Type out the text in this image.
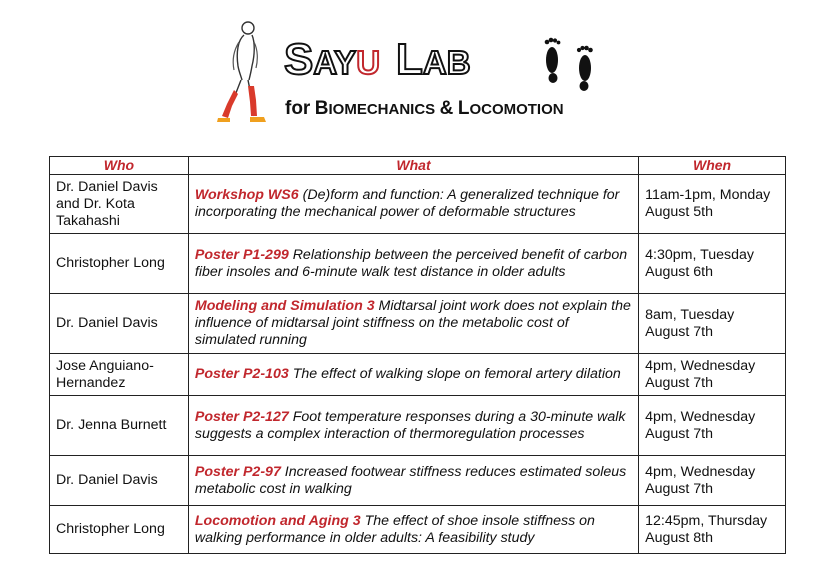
SAYU LAB
for BIOMECHANICS & LOCOMOTION
Who	What	When
Dr. Daniel Davis and Dr. Kota Takahashi	Workshop WS6 (De)form and function: A generalized technique for incorporating the mechanical power of deformable structures	11am-1pm, Monday
August 5th

Christopher Long	Poster P1-299 Relationship between the perceived benefit of carbon fiber insoles and 6-minute walk test distance in older adults	4:30pm, Tuesday
August 6th

Dr. Daniel Davis	Modeling and Simulation 3 Midtarsal joint work does not explain the influence of midtarsal joint stiffness on the metabolic cost of simulated running	8am, Tuesday
August 7th

Jose Anguiano-Hernandez	Poster P2-103 The effect of walking slope on femoral artery dilation	4pm, Wednesday
August 7th

Dr. Jenna Burnett	Poster P2-127 Foot temperature responses during a 30-minute walk suggests a complex interaction of thermoregulation processes	4pm, Wednesday
August 7th

Dr. Daniel Davis	Poster P2-97 Increased footwear stiffness reduces estimated soleus metabolic cost in walking	4pm, Wednesday
August 7th

Christopher Long	Locomotion and Aging 3 The effect of shoe insole stiffness on walking performance in older adults: A feasibility study	12:45pm, Thursday
August 8th
